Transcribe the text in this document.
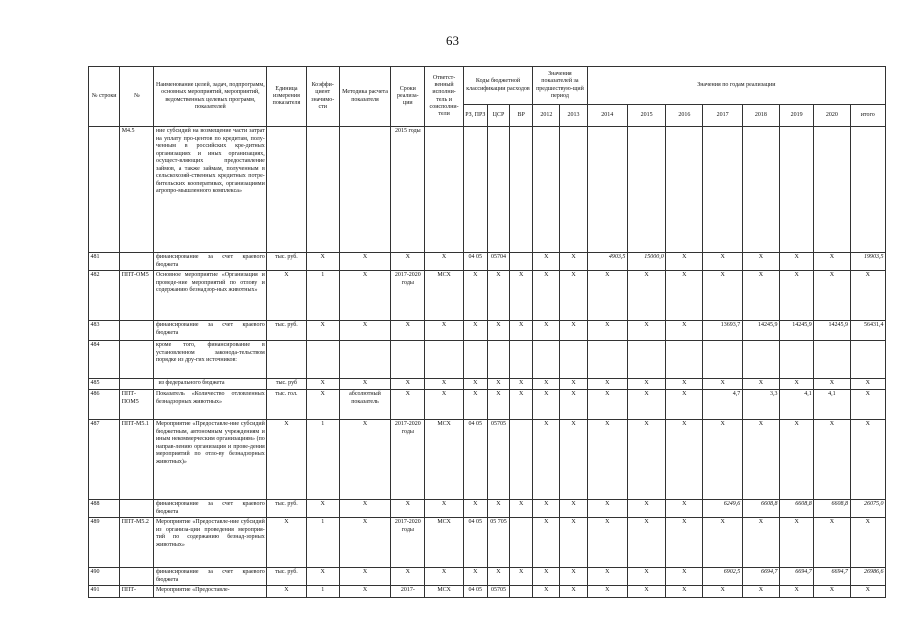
63
№ строки	№	Наименование целей, задач, подпрограмм, основных мероприятий, мероприятий, ведомственных целевых программ, показателей	Единица измерения показателя	Коэффи-циент значимо-сти	Методика расчета показателя	Сроки реализа-ции	Ответст-венный исполни-тель и соисполни-тели	Коды бюджетной классификации расходов			Значения показателей за предшествую-щий период		Значения по годам реализации							
								РЗ, ПРЗ	ЦСР	ВР	2012	2013	2014	2015	2016	2017	2018	2019	2020	итого
	М4.5	ние субсидий на возмещение части затрат на уплату про-центов по кредитам, полу-ченным в российских кре-дитных организациях и иных организациях, осущест-вляющих предоставление займов, а также займам, полученным в сельскохозяй-ственных кредитных потре-бительских кооперативах, организациями агропро-мышленного комплекса»				2015 годы														
481		финансирование за счет краевого бюджета	тыс. руб.	Х	Х	Х	Х	04 05	05704		Х	Х	4903,5	15000,0	Х	Х	Х	Х	Х	19903,5
482	ППТ-ОМ5	Основное мероприятие «Организация и проведе-ние мероприятий по отлову и содержанию безнадзор-ных животных»	Х	1	Х	2017-2020 годы	МСХ	Х	Х	Х	Х	Х	Х	Х	Х	Х	Х	Х	Х	Х
483		финансирование за счет краевого бюджета	тыс. руб.	Х	Х	Х	Х	Х	Х	Х	Х	Х	Х	Х	Х	13693,7	14245,9	14245,9	14245,9	56431,4
484		кроме того, финансирование в установленном законода-тельством порядке из дру-гих источников:																		
485		из федерального бюджета	тыс. руб	Х	Х	Х	Х	Х	Х	Х	Х	Х	Х	Х	Х	Х	Х	Х	Х	Х
486	ППТ-ПОМ5	Показатель «Количество отловленных безнадзорных животных»	тыс. гол.	Х	абсолютный показатель	Х	Х	Х	Х	Х	Х	Х	Х	Х	Х	4,7	3,3	4,1	4,1	Х
487	ППТ-М5.1	Мероприятие «Предоставле-ние субсидий бюджетным, автономным учреждениям и иным некоммерческим организациям» (по направ-лению организация и прове-дения мероприятий по отло-ву безнадзорных животных)»	Х	1	Х	2017-2020 годы	МСХ	04 05	05705		Х	Х	Х	Х	Х	Х	Х	Х	Х	Х
488		финансирование за счет краевого бюджета	тыс. руб.	Х	Х	Х	Х	Х	Х	Х	Х	Х	Х	Х	Х	6249,6	6608,8	6608,8	6608,8	26075,0
489	ППТ-М5.2	Мероприятие «Предоставле-ние субсидий из организа-ции проведения мероприя-тий по содержанию безнад-зорных животных»	Х	1	Х	2017-2020 годы	МСХ	04 05	05 705		Х	Х	Х	Х	Х	Х	Х	Х	Х	Х
490		финансирование за счет краевого бюджета	тыс. руб.	Х	Х	Х	Х	Х	Х	Х	Х	Х	Х	Х	Х	6902,5	6694,7	6694,7	6694,7	26986,6
491	ППТ-	Мероприятие «Предоставле-	Х	1	Х	2017-	МСХ	04 05	05705		Х	Х	Х	Х	Х	Х	Х	Х	Х	Х
